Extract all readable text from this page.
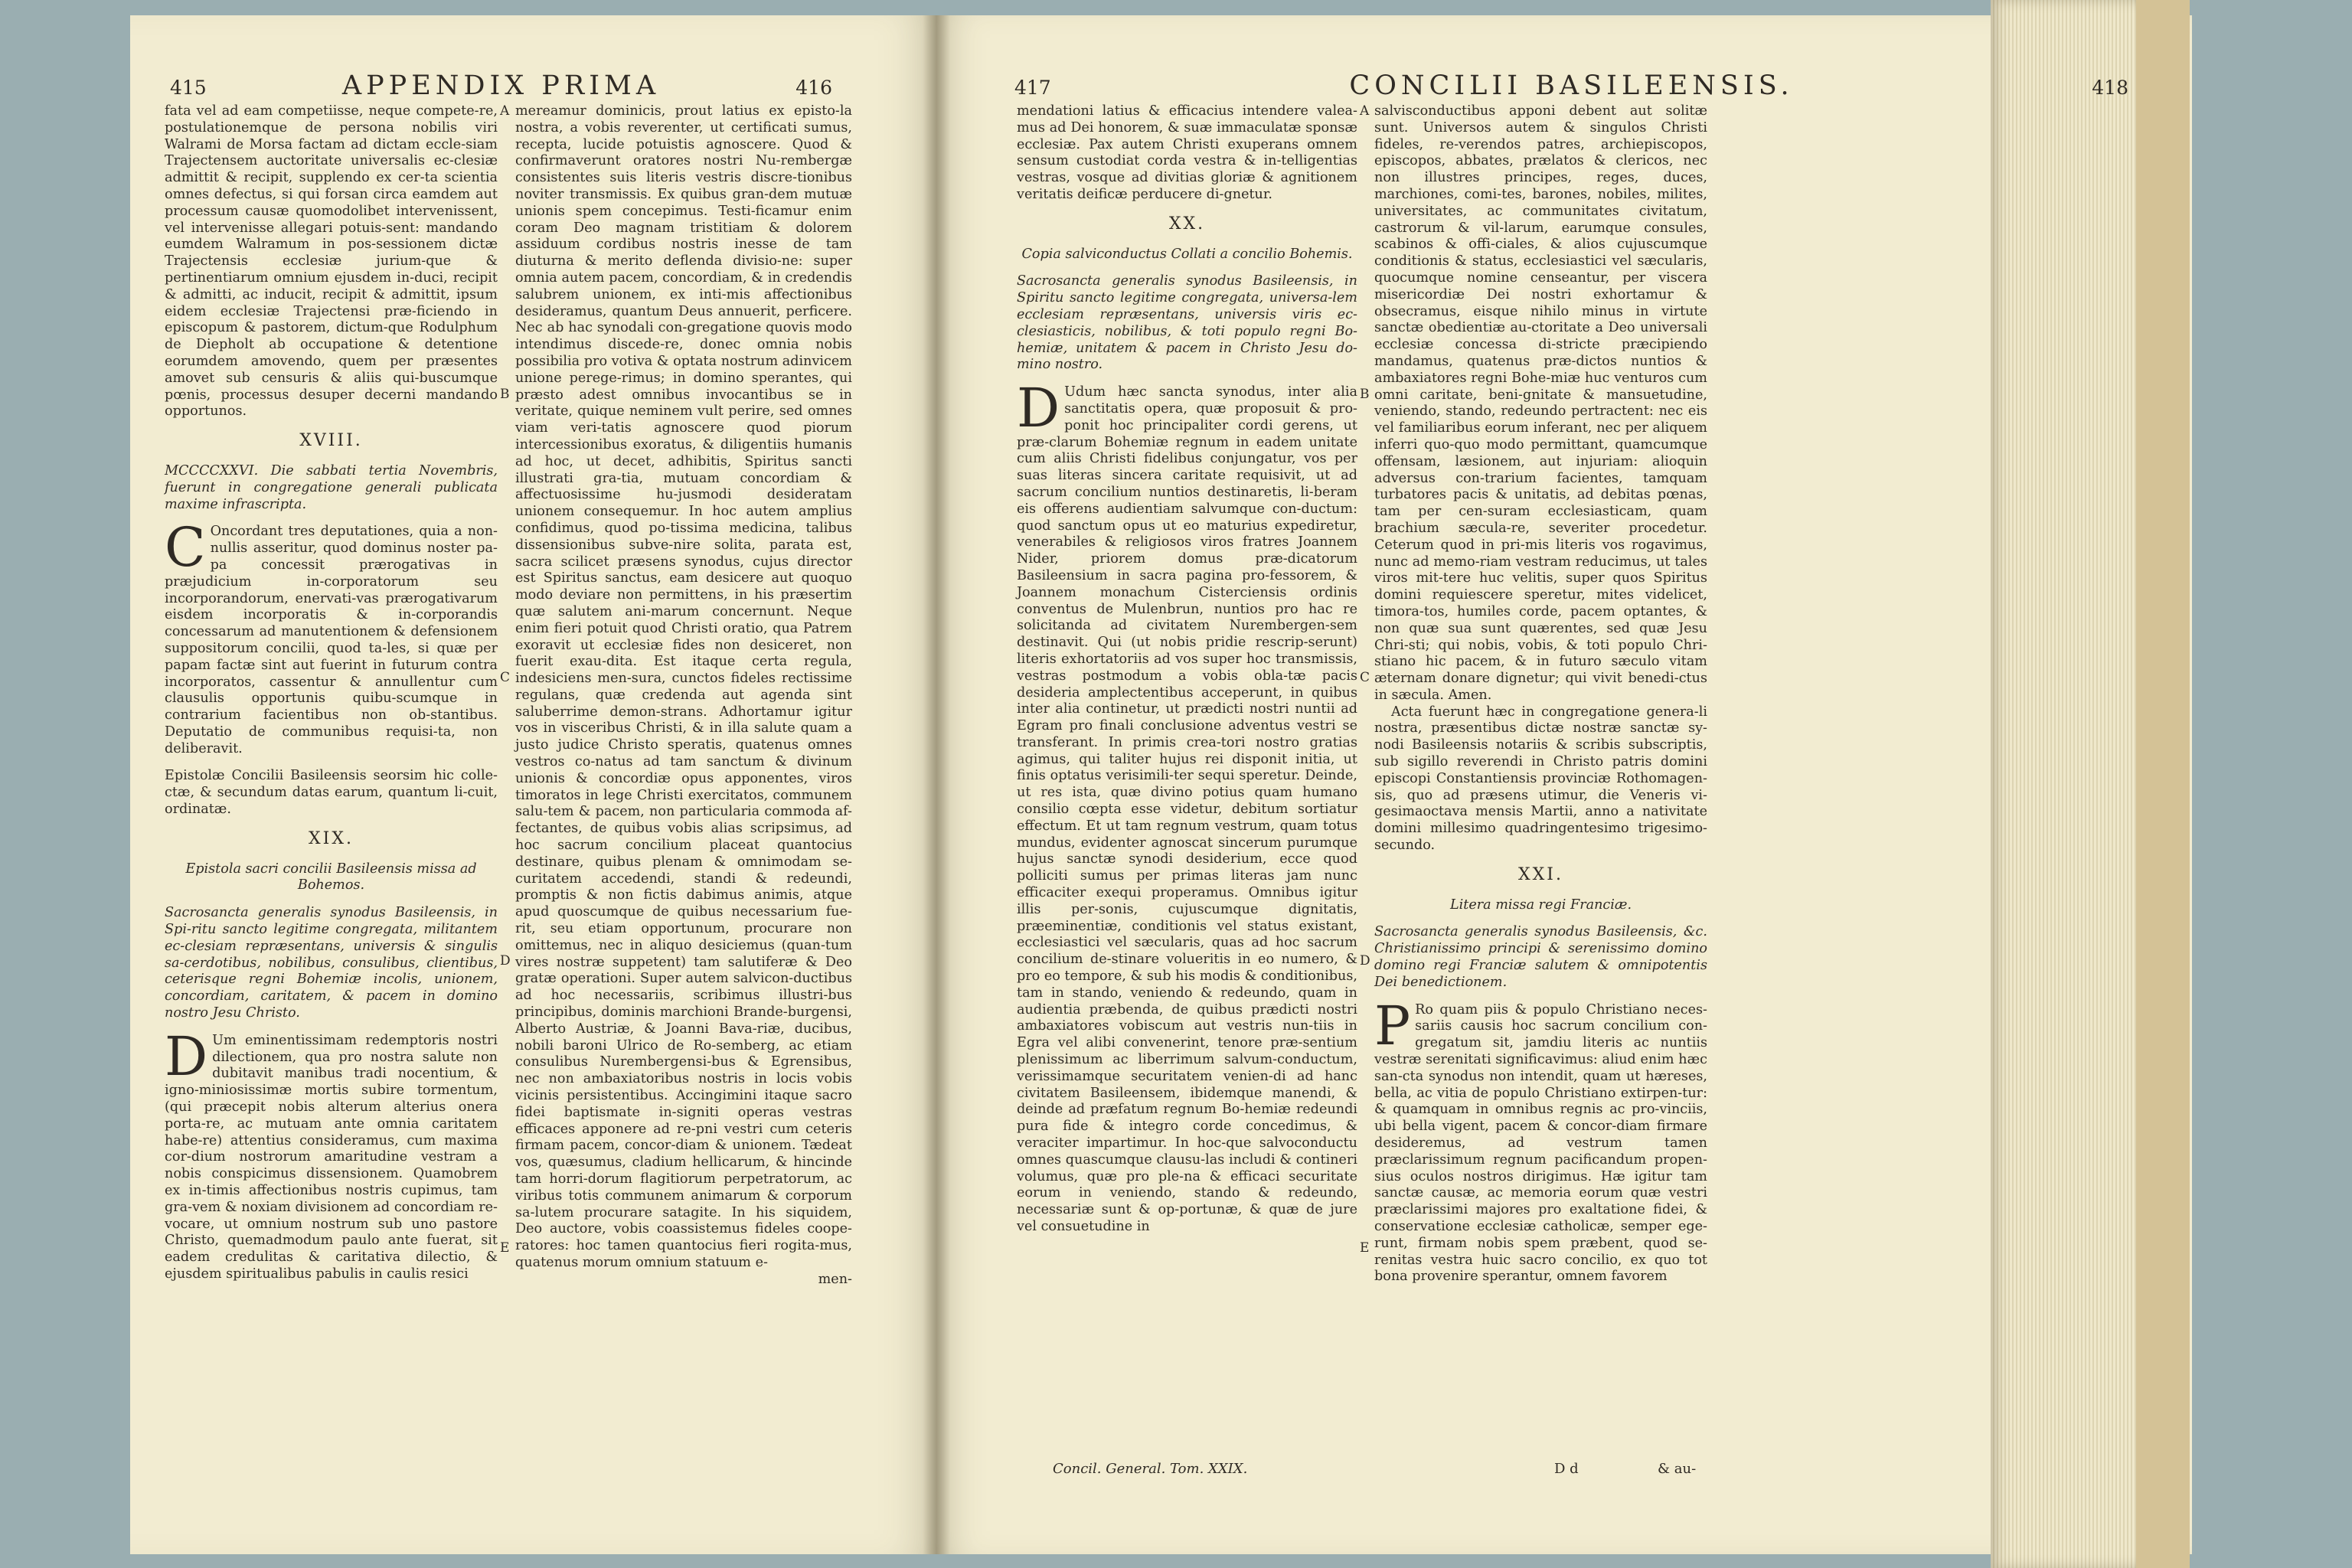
415	APPENDIX PRIMA	416	417	CONCILII BASILEENSIS.	418
A
B
C
D
E
A
B
C
D
E

fata vel ad eam competiisse, neque compete-re, postulationemque de persona nobilis viri Walrami de Morsa factam ad dictam eccle-siam Trajectensem auctoritate universalis ec-clesiæ admittit & recipit, supplendo ex cer-ta scientia omnes defectus, si qui forsan circa eamdem aut processum causæ quomodolibet intervenissent, vel intervenisse allegari potuis-sent: mandando eumdem Walramum in pos-sessionem dictæ Trajectensis ecclesiæ jurium-que & pertinentiarum omnium ejusdem in-duci, recipit & admitti, ac inducit, recipit & admittit, ipsum eidem ecclesiæ Trajectensi præ-ficiendo in episcopum & pastorem, dictum-que Rodulphum de Diepholt ab occupatione & detentione eorumdem amovendo, quem per præsentes amovet sub censuris & aliis qui-buscumque pœnis, processus desuper decerni mandando opportunos.

XVIII.

MCCCCXXVI. Die sabbati tertia Novembris, fuerunt in congregatione generali publicata maxime infrascripta.

C Oncordant tres deputationes, quia a non-nullis asseritur, quod dominus noster pa-pa concessit prærogativas in præjudicium in-corporatorum seu incorporandorum, enervati-vas prærogativarum eisdem incorporatis & in-corporandis concessarum ad manutentionem & defensionem suppositorum concilii, quod ta-les, si quæ per papam factæ sint aut fuerint in futurum contra incorporatos, cassentur & annullentur cum clausulis opportunis quibu-scumque in contrarium facientibus non ob-stantibus. Deputatio de communibus requisi-ta, non deliberavit.

Epistolæ Concilii Basileensis seorsim hic colle-ctæ, & secundum datas earum, quantum li-cuit, ordinatæ.

XIX.

Epistola sacri concilii Basileensis missa ad Bohemos.

Sacrosancta generalis synodus Basileensis, in Spi-ritu sancto legitime congregata, militantem ec-clesiam repræsentans, universis & singulis sa-cerdotibus, nobilibus, consulibus, clientibus, ceterisque regni Bohemiæ incolis, unionem, concordiam, caritatem, & pacem in domino nostro Jesu Christo.

D Um eminentissimam redemptoris nostri dilectionem, qua pro nostra salute non dubitavit manibus tradi nocentium, & igno-miniosissimæ mortis subire tormentum, (qui præcepit nobis alterum alterius onera porta-re, ac mutuam ante omnia caritatem habe-re) attentius consideramus, cum maxima cor-dium nostrorum amaritudine vestram a nobis conspicimus dissensionem. Quamobrem ex in-timis affectionibus nostris cupimus, tam gra-vem & noxiam divisionem ad concordiam re-vocare, ut omnium nostrum sub uno pastore Christo, quemadmodum paulo ante fuerat, sit eadem credulitas & caritativa dilectio, & ejusdem spiritualibus pabulis in caulis resici

mereamur dominicis, prout latius ex episto-la nostra, a vobis reverenter, ut certificati sumus, recepta, lucide potuistis agnoscere. Quod & confirmaverunt oratores nostri Nu-rembergæ consistentes suis literis vestris discre-tionibus noviter transmissis. Ex quibus gran-dem mutuæ unionis spem concepimus. Testi-ficamur enim coram Deo magnam tristitiam & dolorem assiduum cordibus nostris inesse de tam diuturna & merito deflenda divisio-ne: super omnia autem pacem, concordiam, & in credendis salubrem unionem, ex inti-mis affectionibus desideramus, quantum Deus annuerit, perficere. Nec ab hac synodali con-gregatione quovis modo intendimus discede-re, donec omnia nobis possibilia pro votiva & optata nostrum adinvicem unione perege-rimus; in domino sperantes, qui præsto adest omnibus invocantibus se in veritate, quique neminem vult perire, sed omnes viam veri-tatis agnoscere quod piorum intercessionibus exoratus, & diligentiis humanis ad hoc, ut decet, adhibitis, Spiritus sancti illustrati gra-tia, mutuam concordiam & affectuosissime hu-jusmodi desideratam unionem consequemur. In hoc autem amplius confidimus, quod po-tissima medicina, talibus dissensionibus subve-nire solita, parata est, sacra scilicet præsens synodus, cujus director est Spiritus sanctus, eam desicere aut quoquo modo deviare non permittens, in his præsertim quæ salutem ani-marum concernunt. Neque enim fieri potuit quod Christi oratio, qua Patrem exoravit ut ecclesiæ fides non desiceret, non fuerit exau-dita. Est itaque certa regula, indesiciens men-sura, cunctos fideles rectissime regulans, quæ credenda aut agenda sint saluberrime demon-strans. Adhortamur igitur vos in visceribus Christi, & in illa salute quam a justo judice Christo speratis, quatenus omnes vestros co-natus ad tam sanctum & divinum unionis & concordiæ opus apponentes, viros timoratos in lege Christi exercitatos, communem salu-tem & pacem, non particularia commoda af-fectantes, de quibus vobis alias scripsimus, ad hoc sacrum concilium placeat quantocius destinare, quibus plenam & omnimodam se-curitatem accedendi, standi & redeundi, promptis & non fictis dabimus animis, atque apud quoscumque de quibus necessarium fue-rit, seu etiam opportunum, procurare non omittemus, nec in aliquo desiciemus (quan-tum vires nostræ suppetent) tam salutiferæ & Deo gratæ operationi. Super autem salvicon-ductibus ad hoc necessariis, scribimus illustri-bus principibus, dominis marchioni Brande-burgensi, Alberto Austriæ, & Joanni Bava-riæ, ducibus, nobili baroni Ulrico de Ro-semberg, ac etiam consulibus Nurembergensi-bus & Egrensibus, nec non ambaxiatoribus nostris in locis vobis vicinis persistentibus. Accingimini itaque sacro fidei baptismate in-signiti operas vestras efficaces apponere ad re-pni vestri cum ceteris firmam pacem, concor-diam & unionem. Tædeat vos, quæsumus, cladium hellicarum, & hincinde tam horri-dorum flagitiorum perpetratorum, ac viribus totis communem animarum & corporum sa-lutem procurare satagite. In his siquidem, Deo auctore, vobis coassistemus fideles coope-ratores: hoc tamen quantocius fieri rogita-mus, quatenus morum omnium statuum e-

men-

mendationi latius & efficacius intendere valea-mus ad Dei honorem, & suæ immaculatæ sponsæ ecclesiæ. Pax autem Christi exuperans omnem sensum custodiat corda vestra & in-telligentias vestras, vosque ad divitias gloriæ & agnitionem veritatis deificæ perducere di-gnetur.

XX.

Copia salviconductus Collati a concilio Bohemis.

Sacrosancta generalis synodus Basileensis, in Spiritu sancto legitime congregata, universa-lem ecclesiam repræsentans, universis viris ec-clesiasticis, nobilibus, & toti populo regni Bo-hemiæ, unitatem & pacem in Christo Jesu do-mino nostro.

D Udum hæc sancta synodus, inter alia sanctitatis opera, quæ proposuit & pro-ponit hoc principaliter cordi gerens, ut præ-clarum Bohemiæ regnum in eadem unitate cum aliis Christi fidelibus conjungatur, vos per suas literas sincera caritate requisivit, ut ad sacrum concilium nuntios destinaretis, li-beram eis offerens audientiam salvumque con-ductum: quod sanctum opus ut eo maturius expediretur, venerabiles & religiosos viros fratres Joannem Nider, priorem domus præ-dicatorum Basileensium in sacra pagina pro-fessorem, & Joannem monachum Cisterciensis ordinis conventus de Mulenbrun, nuntios pro hac re solicitanda ad civitatem Nurembergen-sem destinavit. Qui (ut nobis pridie rescrip-serunt) literis exhortatoriis ad vos super hoc transmissis, vestras postmodum a vobis obla-tæ pacis desideria amplectentibus acceperunt, in quibus inter alia continetur, ut prædicti nostri nuntii ad Egram pro finali conclusione adventus vestri se transferant. In primis crea-tori nostro gratias agimus, qui taliter hujus rei disponit initia, ut finis optatus verisimili-ter sequi speretur. Deinde, ut res ista, quæ divino potius quam humano consilio cœpta esse videtur, debitum sortiatur effectum. Et ut tam regnum vestrum, quam totus mundus, evidenter agnoscat sincerum purumque hujus sanctæ synodi desiderium, ecce quod polliciti sumus per primas literas jam nunc efficaciter exequi properamus. Omnibus igitur illis per-sonis, cujuscumque dignitatis, præeminentiæ, conditionis vel status existant, ecclesiastici vel sæcularis, quas ad hoc sacrum concilium de-stinare volueritis in eo numero, & pro eo tempore, & sub his modis & conditionibus, tam in stando, veniendo & redeundo, quam in audientia præbenda, de quibus prædicti nostri ambaxiatores vobiscum aut vestris nun-tiis in Egra vel alibi convenerint, tenore præ-sentium plenissimum ac liberrimum salvum-conductum, verissimamque securitatem venien-di ad hanc civitatem Basileensem, ibidemque manendi, & deinde ad præfatum regnum Bo-hemiæ redeundi pura fide & integro corde concedimus, & veraciter impartimur. In hoc-que salvoconductu omnes quascumque clausu-las includi & contineri volumus, quæ pro ple-na & efficaci securitate eorum in veniendo, stando & redeundo, necessariæ sunt & op-portunæ, & quæ de jure vel consuetudine in

Concil. General. Tom. XXIX.

salvisconductibus apponi debent aut solitæ sunt. Universos autem & singulos Christi fideles, re-verendos patres, archiepiscopos, episcopos, abbates, prælatos & clericos, nec non illustres principes, reges, duces, marchiones, comi-tes, barones, nobiles, milites, universitates, ac communitates civitatum, castrorum & vil-larum, earumque consules, scabinos & offi-ciales, & alios cujuscumque conditionis & status, ecclesiastici vel sæcularis, quocumque nomine censeantur, per viscera misericordiæ Dei nostri exhortamur & obsecramus, eisque nihilo minus in virtute sanctæ obedientiæ au-ctoritate a Deo universali ecclesiæ concessa di-stricte præcipiendo mandamus, quatenus præ-dictos nuntios & ambaxiatores regni Bohe-miæ huc venturos cum omni caritate, beni-gnitate & mansuetudine, veniendo, stando, redeundo pertractent: nec eis vel familiaribus eorum inferant, nec per aliquem inferri quo-quo modo permittant, quamcumque offensam, læsionem, aut injuriam: alioquin adversus con-trarium facientes, tamquam turbatores pacis & unitatis, ad debitas pœnas, tam per cen-suram ecclesiasticam, quam brachium sæcula-re, severiter procedetur. Ceterum quod in pri-mis literis vos rogavimus, nunc ad memo-riam vestram reducimus, ut tales viros mit-tere huc velitis, super quos Spiritus domini requiescere speretur, mites videlicet, timora-tos, humiles corde, pacem optantes, & non quæ sua sunt quærentes, sed quæ Jesu Chri-sti; qui nobis, vobis, & toti populo Chri-stiano hic pacem, & in futuro sæculo vitam æternam donare dignetur; qui vivit benedi-ctus in sæcula. Amen.

Acta fuerunt hæc in congregatione genera-li nostra, præsentibus dictæ nostræ sanctæ sy-nodi Basileensis notariis & scribis subscriptis, sub sigillo reverendi in Christo patris domini episcopi Constantiensis provinciæ Rothomagen-sis, quo ad præsens utimur, die Veneris vi-gesimaoctava mensis Martii, anno a nativitate domini millesimo quadringentesimo trigesimo-secundo.

XXI.

Litera missa regi Franciæ.

Sacrosancta generalis synodus Basileensis, &c. Christianissimo principi & serenissimo domino domino regi Franciæ salutem & omnipotentis Dei benedictionem.

P Ro quam piis & populo Christiano neces-sariis causis hoc sacrum concilium con-gregatum sit, jamdiu literis ac nuntiis vestræ serenitati significavimus: aliud enim hæc san-cta synodus non intendit, quam ut hæreses, bella, ac vitia de populo Christiano extirpen-tur: & quamquam in omnibus regnis ac pro-vinciis, ubi bella vigent, pacem & concor-diam firmare desideremus, ad vestrum tamen præclarissimum regnum pacificandum propen-sius oculos nostros dirigimus. Hæ igitur tam sanctæ causæ, ac memoria eorum quæ vestri præclarissimi majores pro exaltatione fidei, & conservatione ecclesiæ catholicæ, semper ege-runt, firmam nobis spem præbent, quod se-renitas vestra huic sacro concilio, ex quo tot bona provenire sperantur, omnem favorem

D d	& au-
